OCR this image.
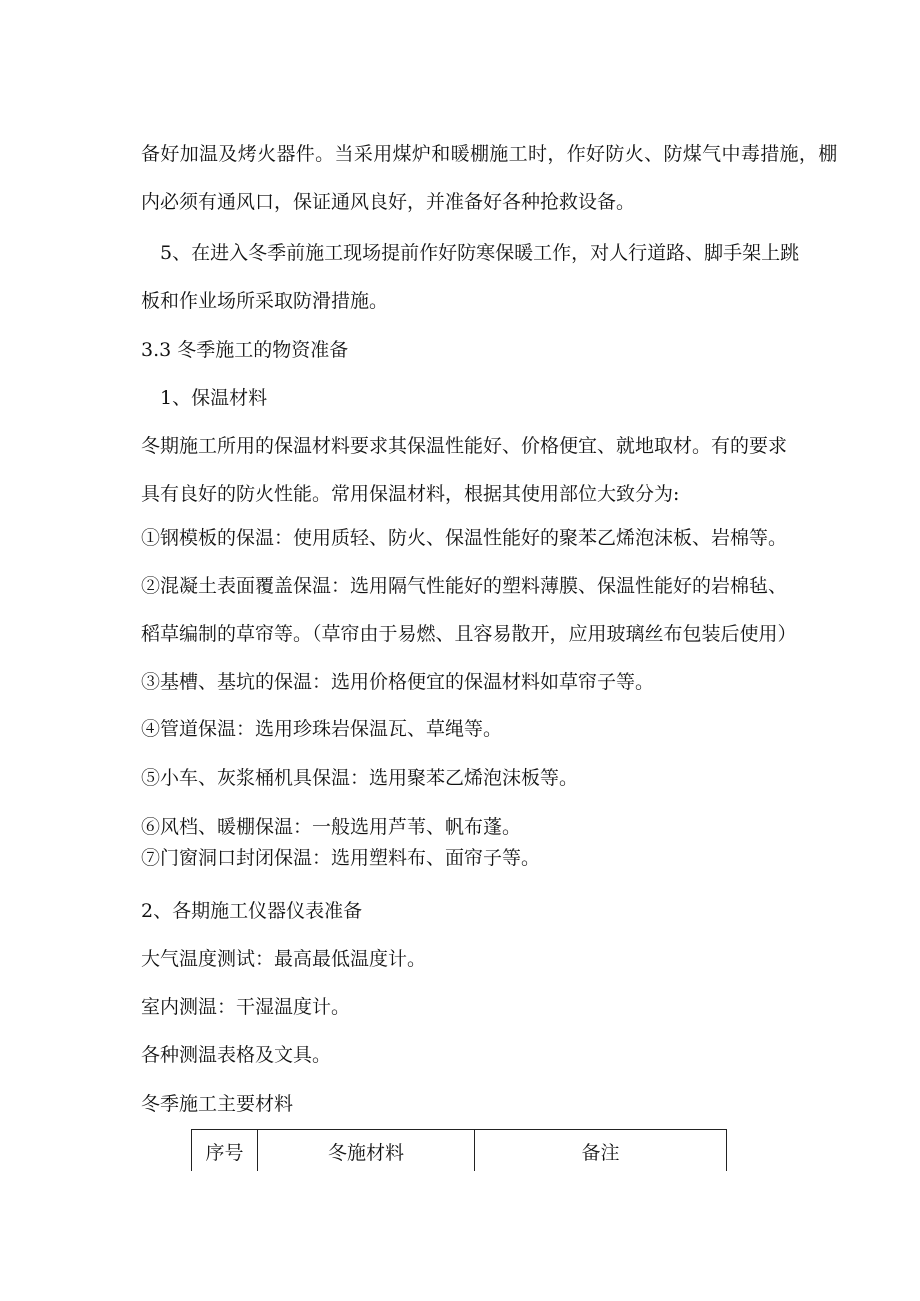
备好加温及烤火器件。当采用煤炉和暖棚施工时，作好防火、防煤气中毒措施，棚
内必须有通风口，保证通风良好，并准备好各种抢救设备。
5、在进入冬季前施工现场提前作好防寒保暖工作，对人行道路、脚手架上跳
板和作业场所采取防滑措施。
3.3 冬季施工的物资准备
1、保温材料
冬期施工所用的保温材料要求其保温性能好、价格便宜、就地取材。有的要求
具有良好的防火性能。常用保温材料，根据其使用部位大致分为:
①钢模板的保温：使用质轻、防火、保温性能好的聚苯乙烯泡沫板、岩棉等。
②混凝土表面覆盖保温：选用隔气性能好的塑料薄膜、保温性能好的岩棉毡、
稻草编制的草帘等。（草帘由于易燃、且容易散开，应用玻璃丝布包装后使用）
③基槽、基坑的保温：选用价格便宜的保温材料如草帘子等。
④管道保温：选用珍珠岩保温瓦、草绳等。
⑤小车、灰浆桶机具保温：选用聚苯乙烯泡沫板等。
⑥风档、暖棚保温：一般选用芦苇、帆布蓬。
⑦门窗洞口封闭保温：选用塑料布、面帘子等。
2、各期施工仪器仪表准备
大气温度测试：最高最低温度计。
室内测温：干湿温度计。
各种测温表格及文具。
冬季施工主要材料
序号	冬施材料	备注
